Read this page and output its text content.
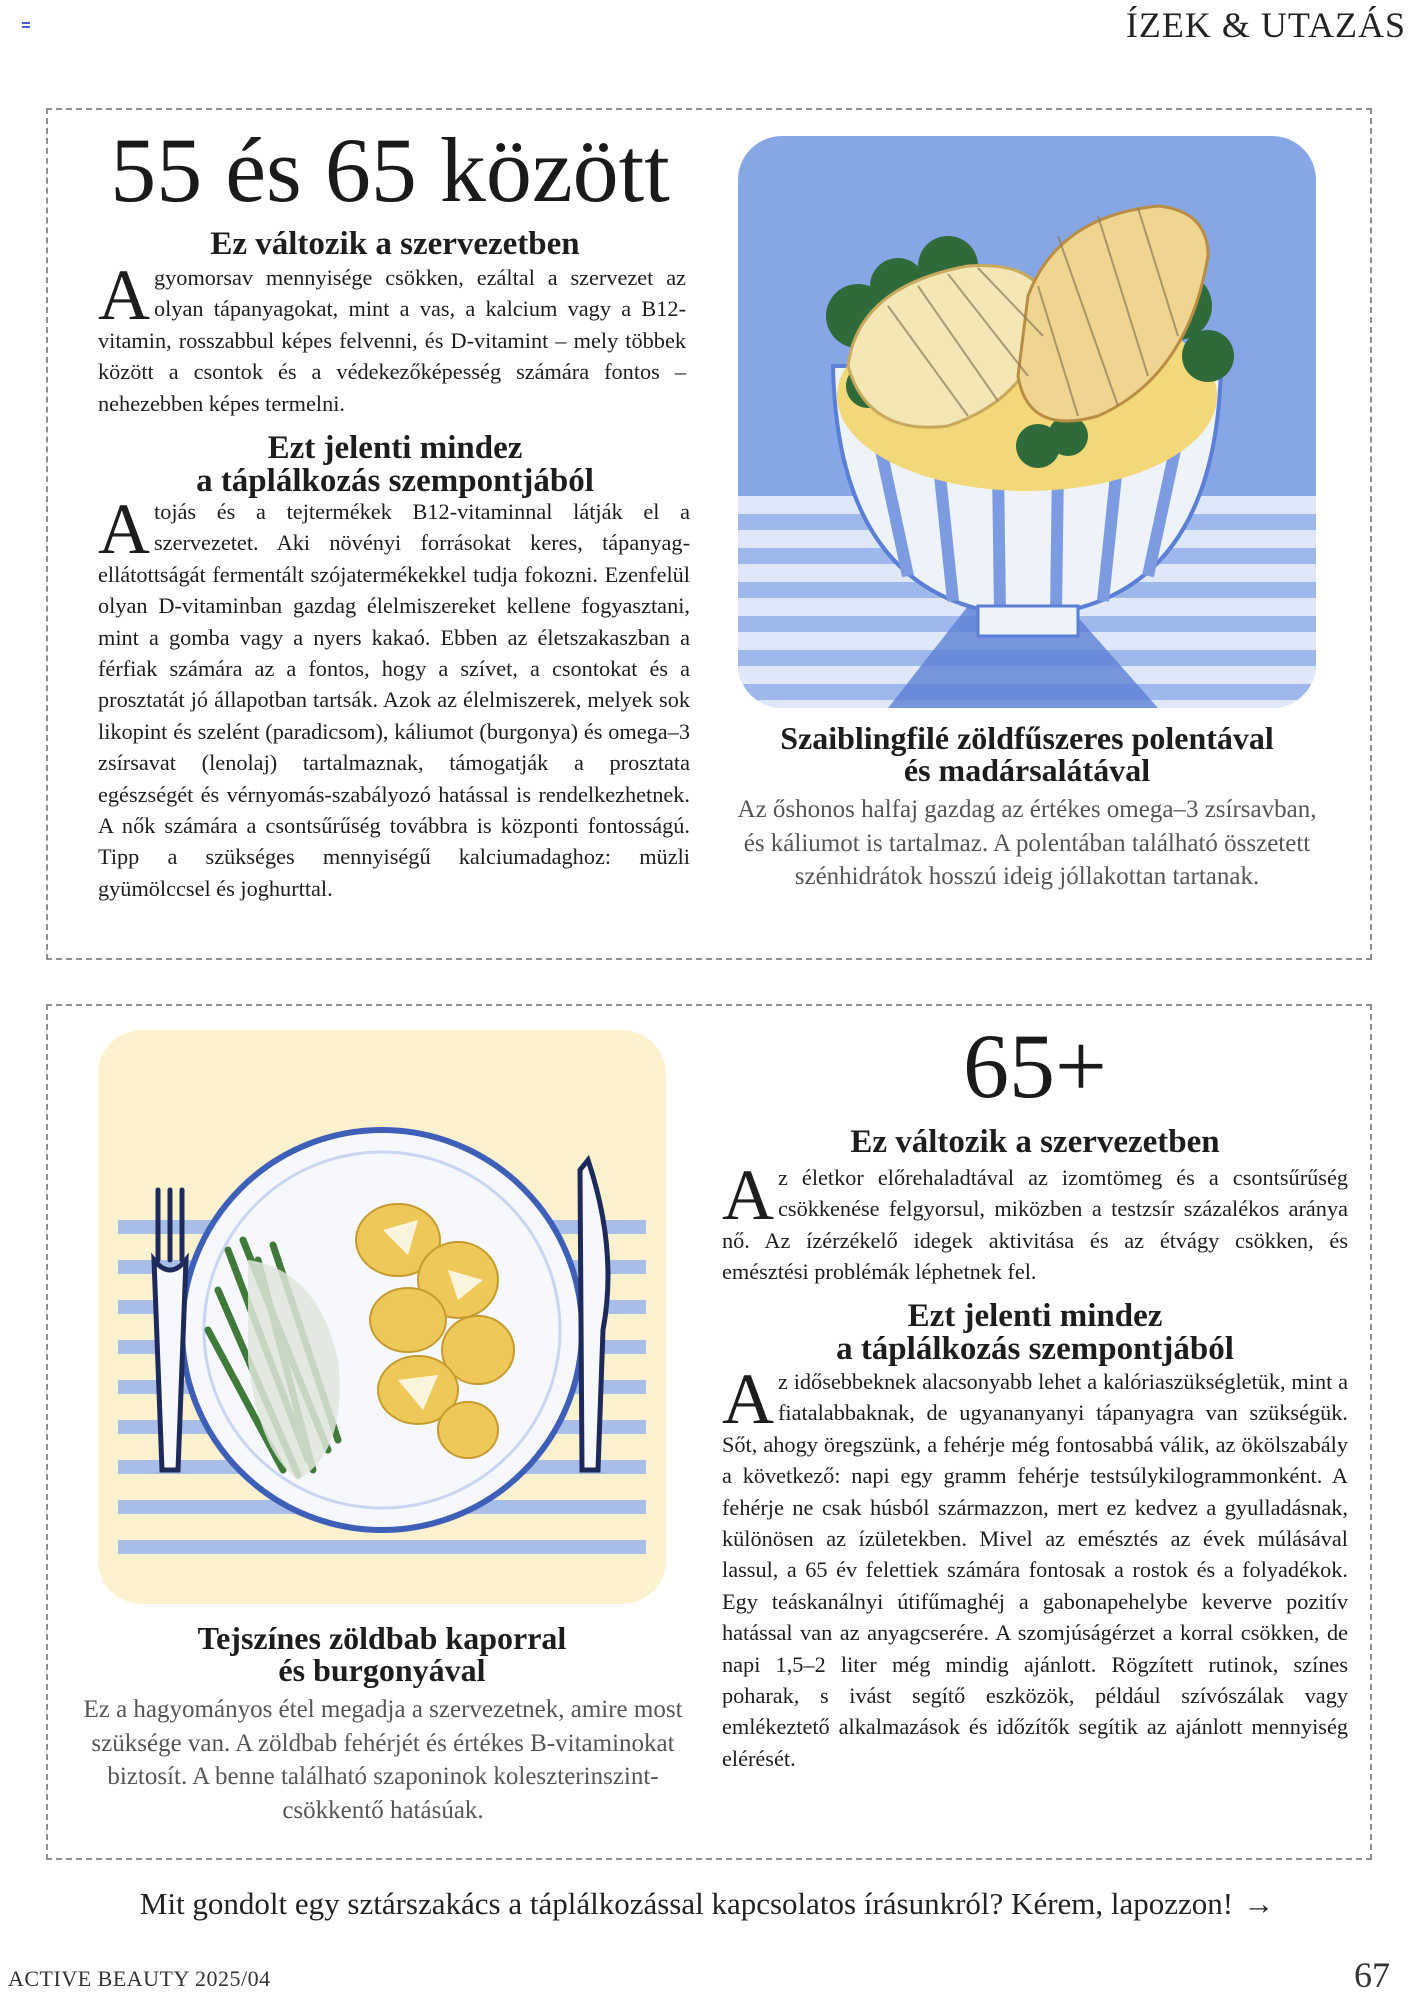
ÍZEK & UTAZÁS
55 és 65 között
Ez változik a szervezetben
Agyomorsav mennyisége csökken, ezáltal a szervezet az olyan tápanyagokat, mint a vas, a kalcium vagy a B12-vitamin, rosszabbul képes felvenni, és D-vitamint – mely többek között a csontok és a védekezőképesség számára fontos – nehezebben képes termelni.
Ezt jelenti mindez
a táplálkozás szempontjából
Atojás és a tejtermékek B12-vitaminnal látják el a szervezetet. Aki növényi forrásokat keres, tápanyag-ellátottságát fermentált szójatermékekkel tudja fokozni. Ezenfelül olyan D-vitaminban gazdag élelmiszereket kellene fogyasztani, mint a gomba vagy a nyers kakaó. Ebben az életszakaszban a férfiak számára az a fontos, hogy a szívet, a csontokat és a prosztatát jó állapotban tartsák. Azok az élelmiszerek, melyek sok likopint és szelént (paradicsom), káliumot (burgonya) és omega–3 zsírsavat (lenolaj) tartalmaznak, támogatják a prosztata egészségét és vérnyomás-szabályozó hatással is rendelkezhetnek. A nők számára a csontsűrűség továbbra is központi fontosságú. Tipp a szükséges mennyiségű kalciumadaghoz: müzli gyümölccsel és joghurttal.
Szaiblingfilé zöldfűszeres polentával
és madársalátával
Az őshonos halfaj gazdag az értékes omega–3 zsírsavban, és káliumot is tartalmaz. A polentában található összetett szénhidrátok hosszú ideig jóllakottan tartanak.
Tejszínes zöldbab kaporral
és burgonyával
Ez a hagyományos étel megadja a szervezetnek, amire most szüksége van. A zöldbab fehérjét és értékes B-vitaminokat biztosít. A benne található szaponinok koleszterinszint-csökkentő hatásúak.
65+
Ez változik a szervezetben
Az életkor előrehaladtával az izomtömeg és a csontsűrűség csökkenése felgyorsul, miközben a testzsír százalékos aránya nő. Az ízérzékelő idegek aktivitása és az étvágy csökken, és emésztési problémák léphetnek fel.
Ezt jelenti mindez
a táplálkozás szempontjából
Az idősebbeknek alacsonyabb lehet a kalóriaszükségletük, mint a fiatalabbaknak, de ugyananyanyi tápanyagra van szükségük. Sőt, ahogy öregszünk, a fehérje még fontosabbá válik, az ökölszabály a következő: napi egy gramm fehérje testsúlykilogrammonként. A fehérje ne csak húsból származzon, mert ez kedvez a gyulladásnak, különösen az ízületekben. Mivel az emésztés az évek múlásával lassul, a 65 év felettiek számára fontosak a rostok és a folyadékok. Egy teáskanálnyi útifűmaghéj a gabonapehelybe keverve pozitív hatással van az anyagcserére. A szomjúságérzet a korral csökken, de napi 1,5–2 liter még mindig ajánlott. Rögzített rutinok, színes poharak, s ivást segítő eszközök, például szívószálak vagy emlékeztető alkalmazások és időzítők segítik az ajánlott mennyiség elérését.
Mit gondolt egy sztárszakács a táplálkozással kapcsolatos írásunkról? Kérem, lapozzon! →
ACTIVE BEAUTY 2025/04	67
